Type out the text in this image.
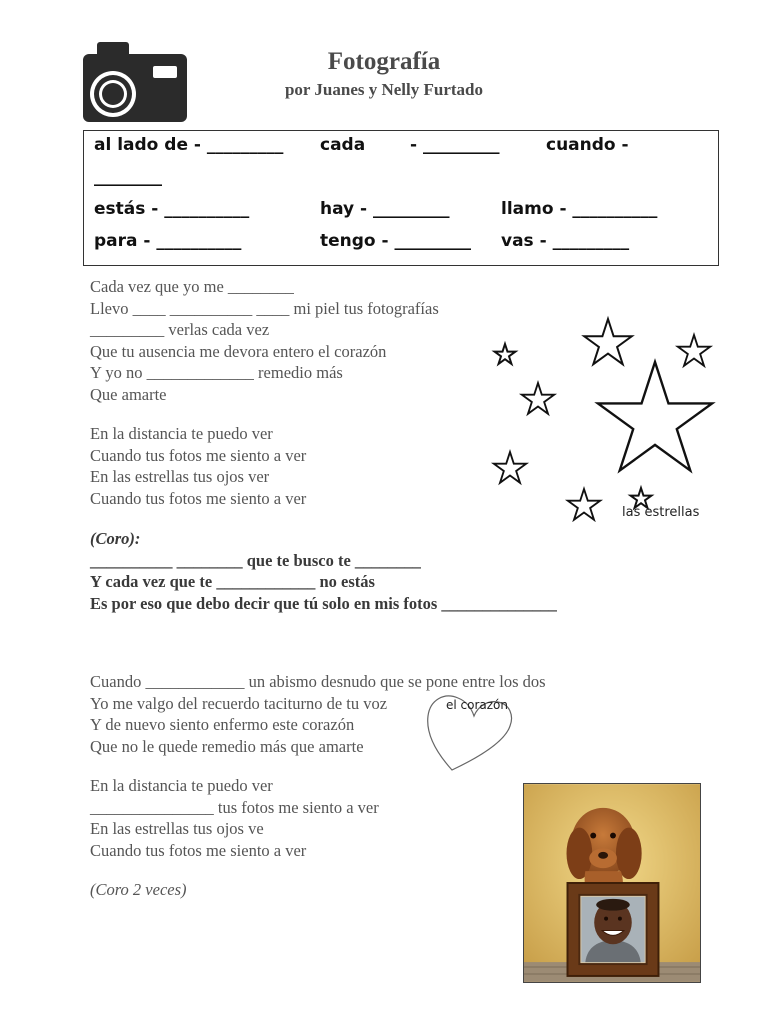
Fotografía
por Juanes y Nelly Furtado
al lado de - _________ cada	- _________	cuando -
________
estás - __________	hay - _________	llamo - __________
para - __________	tengo - _________ vas - _________
Cada vez que yo me ________
Llevo ____ __________ ____ mi piel tus fotografías
_________ verlas cada vez
Que tu ausencia me devora entero el corazón
Y yo no _____________ remedio más
Que amarte
En la distancia te puedo ver
Cuando tus fotos me siento a ver
En las estrellas tus ojos ver
Cuando tus fotos me siento a ver
(Coro):
__________ ________ que te busco te ________
Y cada vez que te ____________ no estás
Es por eso que debo decir que tú solo en mis fotos ______________
Cuando ____________ un abismo desnudo que se pone entre los dos
Yo me valgo del recuerdo taciturno de tu voz
Y de nuevo siento enfermo este corazón
Que no le quede remedio más que amarte
En la distancia te puedo ver
_______________ tus fotos me siento a ver
En las estrellas tus ojos ve
Cuando tus fotos me siento a ver
(Coro 2 veces)
las estrellas
el corazón
